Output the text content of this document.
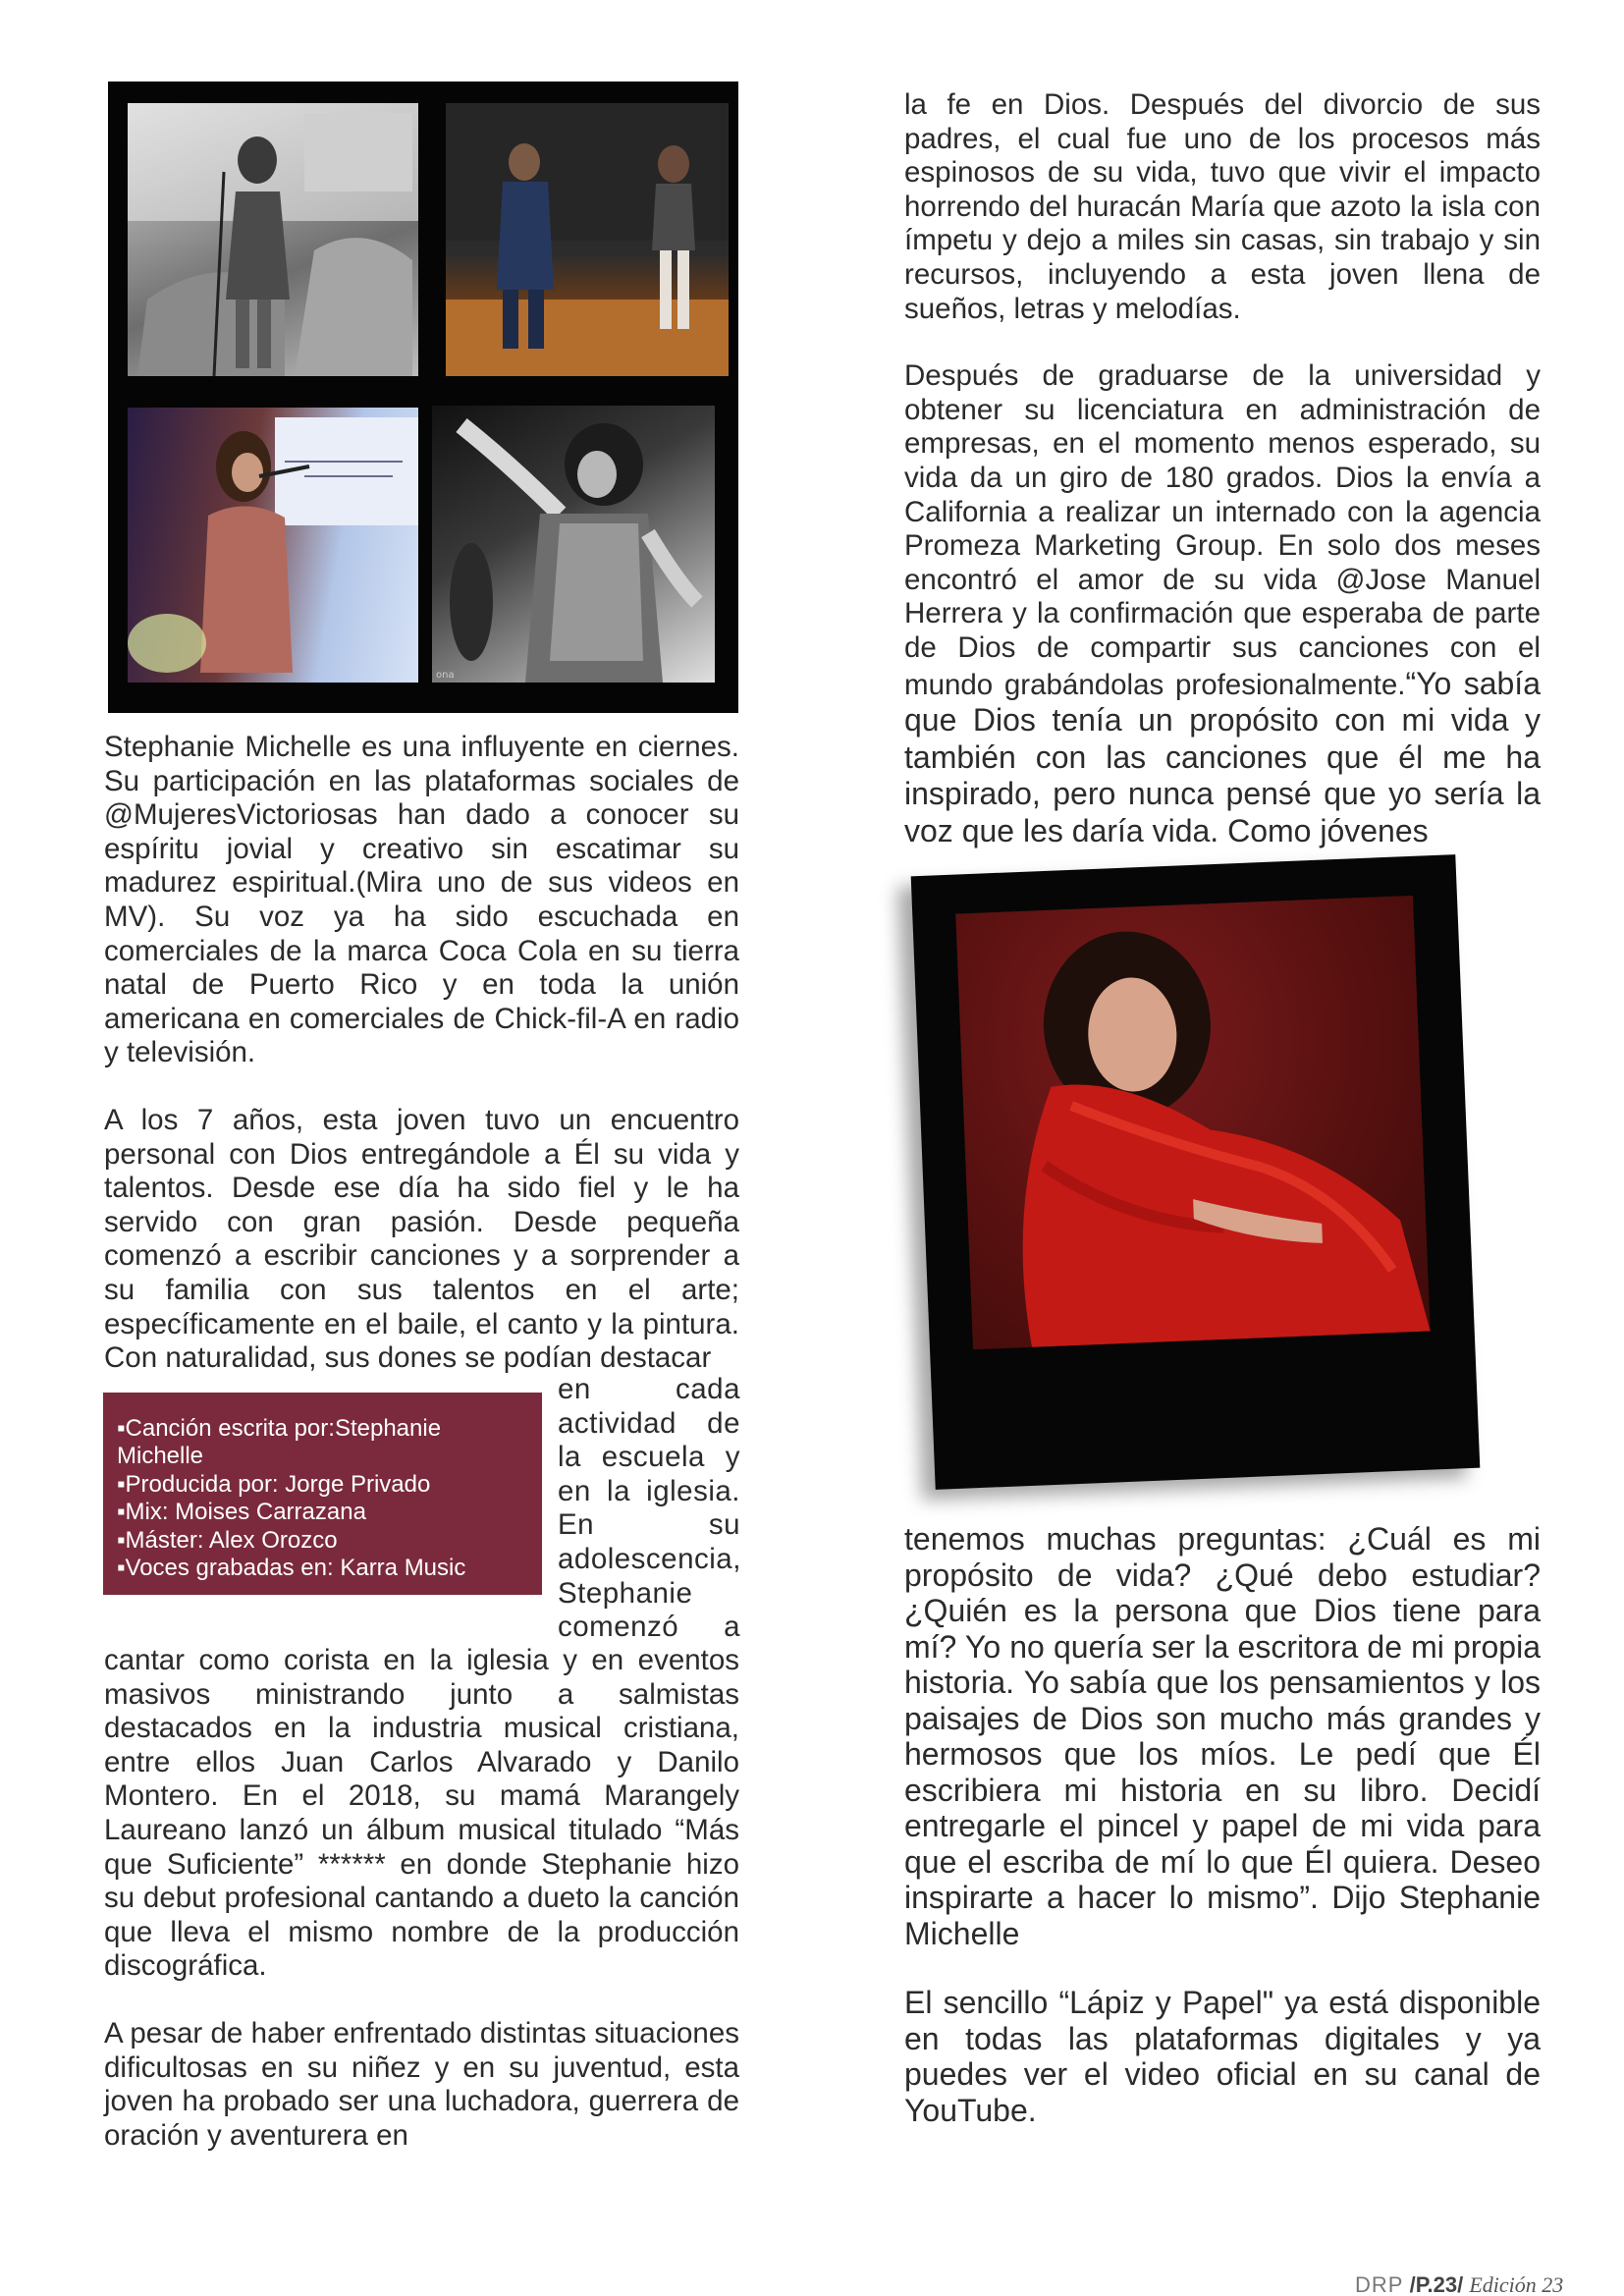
ona

Stephanie Michelle es una influyente en ciernes. Su participación en las plataformas sociales de @MujeresVictoriosas han dado a conocer su espíritu jovial y creativo sin escatimar su madurez espiritual.(Mira uno de sus videos en MV). Su voz ya ha sido escuchada en comerciales de la marca Coca Cola en su tierra natal de Puerto Rico y en toda la unión americana en comerciales de Chick-fil-A en radio y televisión.

A los 7 años, esta joven tuvo un encuentro personal con Dios entregándole a Él su vida y talentos. Desde ese día ha sido fiel y le ha servido con gran pasión. Desde pequeña comenzó a escribir canciones y a sorprender a su familia con sus talentos en el arte; específicamente en el baile, el canto y la pintura. Con naturalidad, sus dones se podían destacar

en cada actividad de la escuela y en la iglesia. En su adolescencia, Stephanie comenzó a

▪Canción escrita por:Stephanie Michelle
▪Producida por: Jorge Privado
▪Mix: Moises Carrazana
▪Máster: Alex Orozco
▪Voces grabadas en: Karra Music

cantar como corista en la iglesia y en eventos masivos ministrando junto a salmistas destacados en la industria musical cristiana, entre ellos Juan Carlos Alvarado y Danilo Montero. En el 2018, su mamá Marangely Laureano lanzó un álbum musical titulado “Más que Suficiente” ****** en donde Stephanie hizo su debut profesional cantando a dueto la canción que lleva el mismo nombre de la producción discográfica.

A pesar de haber enfrentado distintas situaciones dificultosas en su niñez y en su juventud, esta joven ha probado ser una luchadora, guerrera de oración y aventurera en

la fe en Dios. Después del divorcio de sus padres, el cual fue uno de los procesos más espinosos de su vida, tuvo que vivir el impacto horrendo del huracán María que azoto la isla con ímpetu y dejo a miles sin casas, sin trabajo y sin recursos, incluyendo a esta joven llena de sueños, letras y melodías.

Después de graduarse de la universidad y obtener su licenciatura en administración de empresas, en el momento menos esperado, su vida da un giro de 180 grados. Dios la envía a California a realizar un internado con la agencia Promeza Marketing Group. En solo dos meses encontró el amor de su vida @Jose Manuel Herrera y la confirmación que esperaba de parte de Dios de compartir sus canciones con el mundo grabándolas profesionalmente.“Yo sabía que Dios tenía un propósito con mi vida y también con las canciones que él me ha inspirado, pero nunca pensé que yo sería la voz que les daría vida. Como jóvenes

tenemos muchas preguntas: ¿Cuál es mi propósito de vida? ¿Qué debo estudiar? ¿Quién es la persona que Dios tiene para mí? Yo no quería ser la escritora de mi propia historia. Yo sabía que los pensamientos y los paisajes de Dios son mucho más grandes y hermosos que los míos. Le pedí que Él escribiera mi historia en su libro. Decidí entregarle el pincel y papel de mi vida para que el escriba de mí lo que Él quiera. Deseo inspirarte a hacer lo mismo”. Dijo Stephanie Michelle

El sencillo “Lápiz y Papel" ya está disponible en todas las plataformas digitales y ya puedes ver el video oficial en su canal de YouTube.

DRP /P.23/ Edición 23
